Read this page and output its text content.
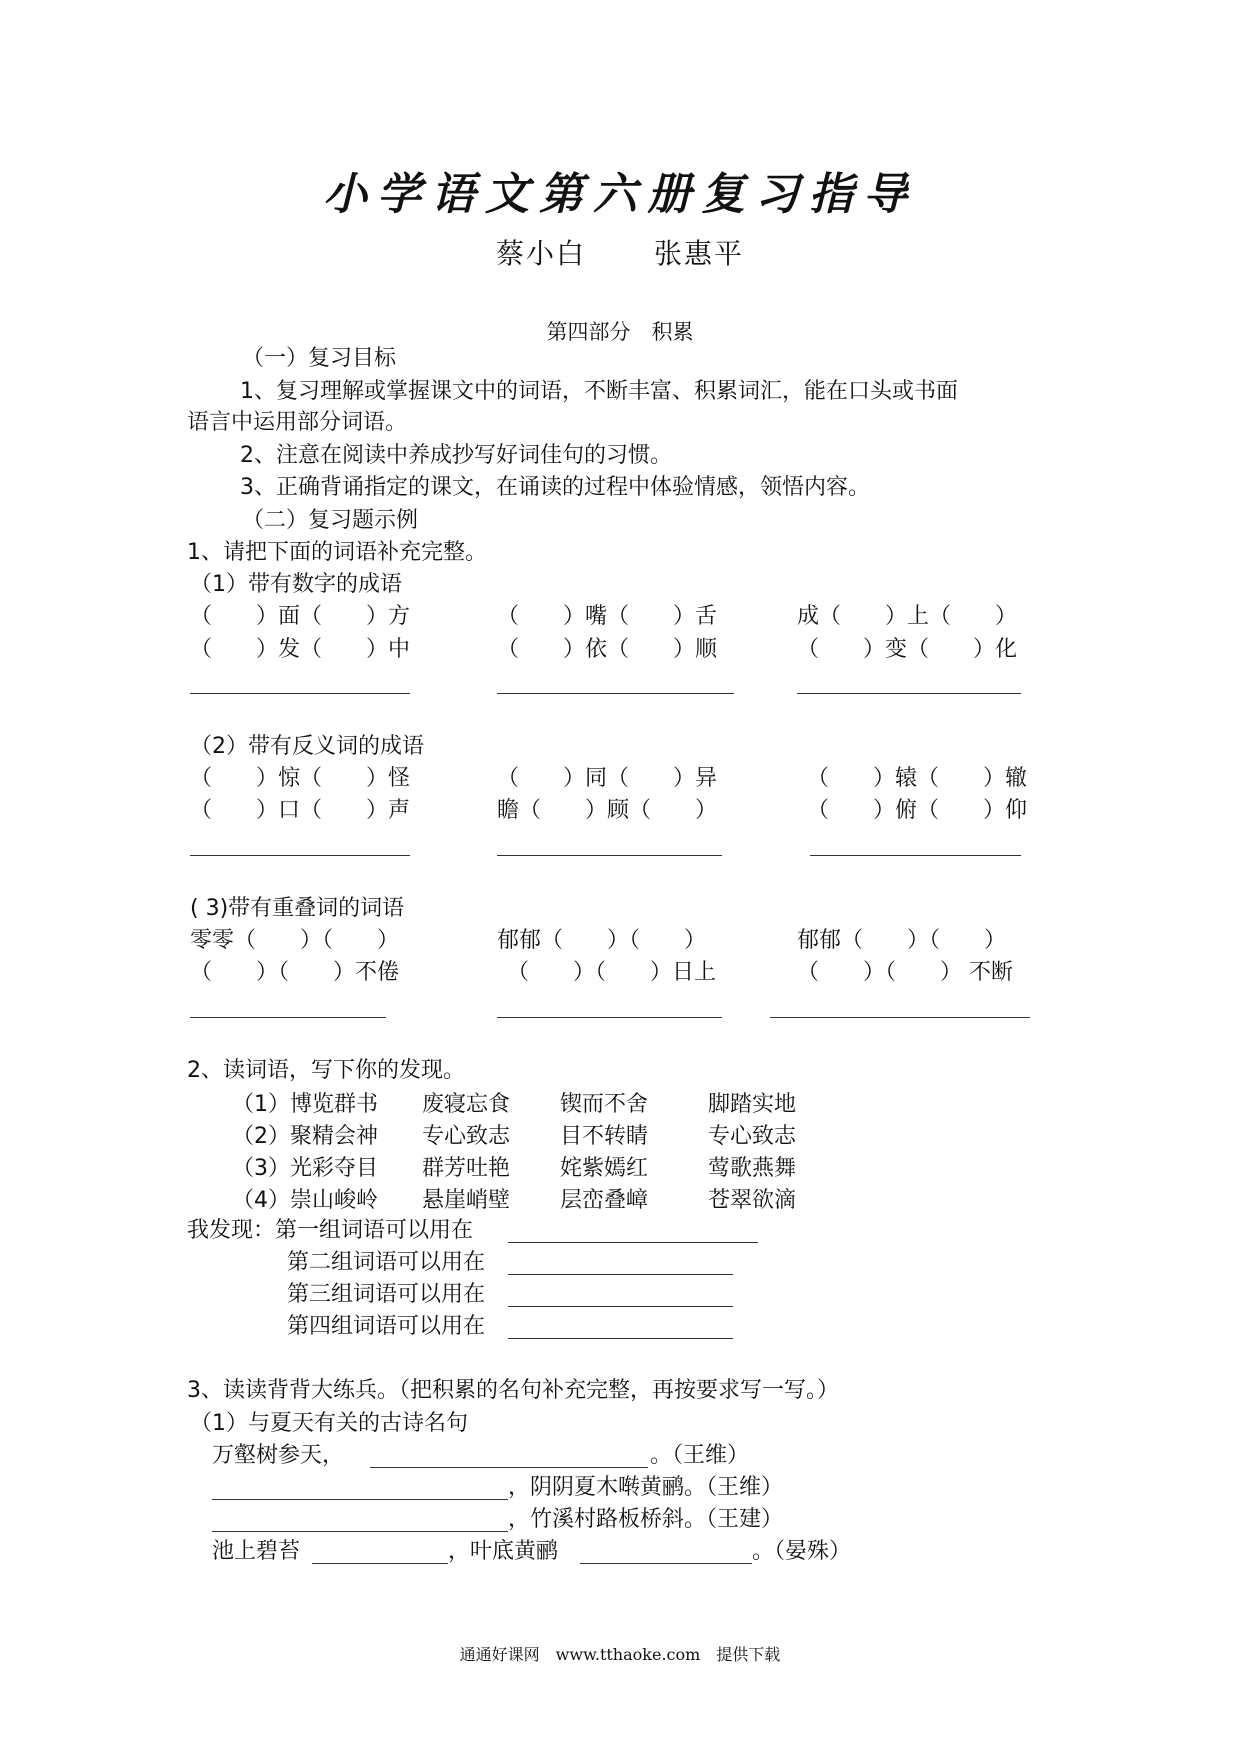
小学语文第六册复习指导
蔡小白 张惠平
第四部分　积累
（一）复习目标
1、复习理解或掌握课文中的词语，不断丰富、积累词汇，能在口头或书面
语言中运用部分词语。
2、注意在阅读中养成抄写好词佳句的习惯。
3、正确背诵指定的课文，在诵读的过程中体验情感，领悟内容。
（二）复习题示例
1、请把下面的词语补充完整。
（1）带有数字的成语
（　　）面（　　）方	（　　）嘴（　　）舌	成（　　）上（　　）
（　　）发（　　）中	（　　）依（　　）顺	（　　）变（　　）化
（2）带有反义词的成语
（　　）惊（　　）怪	（　　）同（　　）异	（　　）辕（　　）辙
（　　）口（　　）声	瞻（　　）顾（　　）	（　　）俯（　　）仰
( 3)带有重叠词的词语
零零（　　）（　　）	郁郁（　　）（　　）	郁郁（　　）（　　）
（　　）（　　）不倦	（　　）（　　）日上	（　　）（　　） 不断
2、读词语，写下你的发现。
（1）博览群书 废寝忘食 锲而不舍	脚踏实地
（2）聚精会神 专心致志 目不转睛	专心致志
（3）光彩夺目 群芳吐艳 姹紫嫣红	莺歌燕舞
（4）崇山峻岭 悬崖峭壁 层峦叠嶂	苍翠欲滴
我发现：第一组词语可以用在
第二组词语可以用在
第三组词语可以用在
第四组词语可以用在
3、读读背背大练兵。（把积累的名句补充完整，再按要求写一写。）
（1）与夏天有关的古诗名句
万壑树参天，	。（王维）
，阴阴夏木啭黄鹂。（王维）
，竹溪村路板桥斜。（王建）
池上碧苔	，叶底黄鹂	。（晏殊）
通通好课网　www.tthaoke.com　提供下载
